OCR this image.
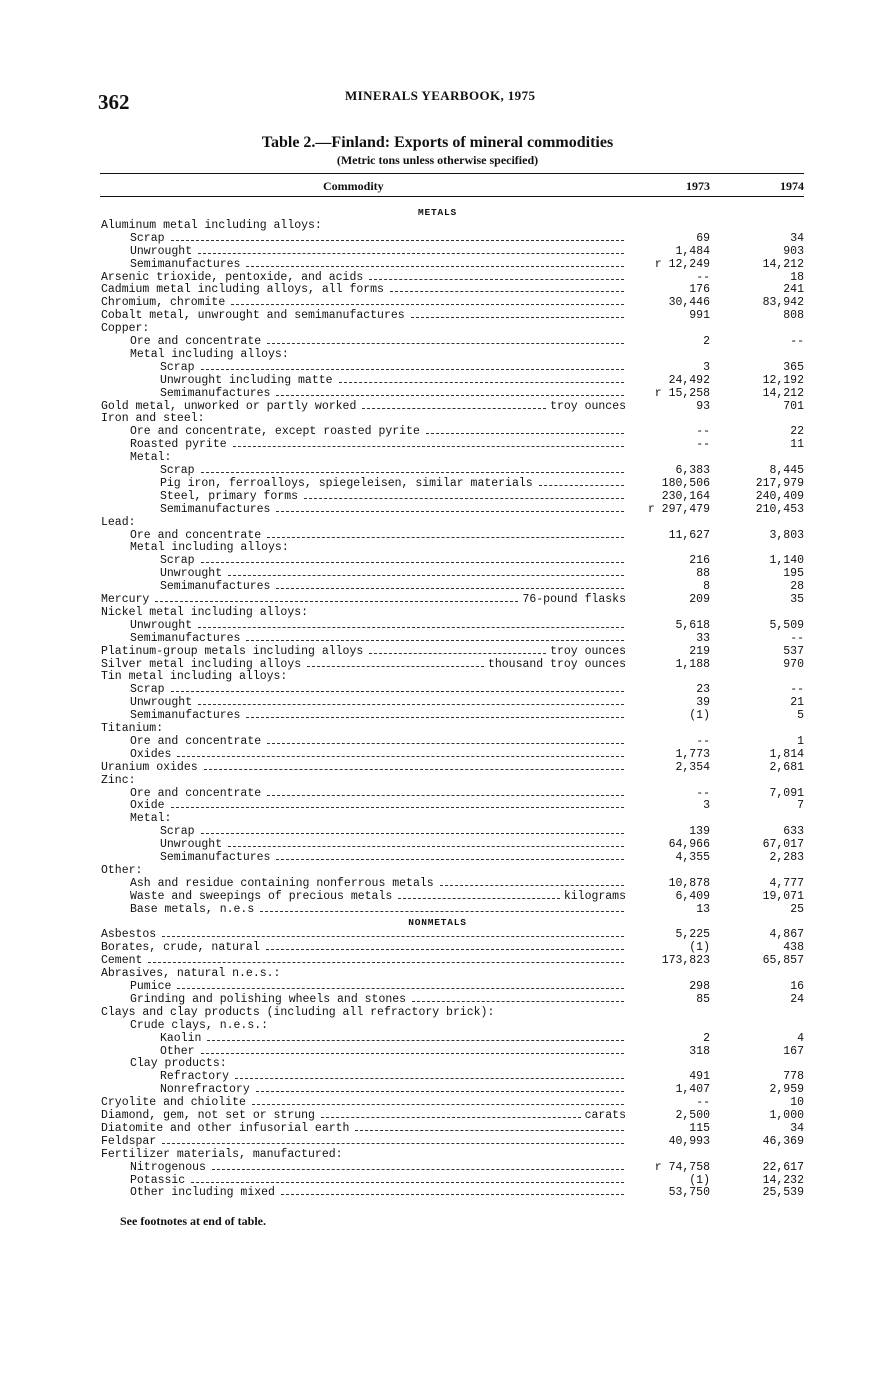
362	MINERALS YEARBOOK, 1975
Table 2.—Finland: Exports of mineral commodities
(Metric tons unless otherwise specified)
Commodity	1973	1974
METALS
Aluminum metal including alloys:
Scrap	69	34
Unwrought	1,484	903
Semimanufactures	r 12,249	14,212
Arsenic trioxide, pentoxide, and acids	--	18
Cadmium metal including alloys, all forms	176	241
Chromium, chromite	30,446	83,942
Cobalt metal, unwrought and semimanufactures	991	808
Copper:
Ore and concentrate	2	--
Metal including alloys:
Scrap	3	365
Unwrought including matte	24,492	12,192
Semimanufactures	r 15,258	14,212
Gold metal, unworked or partly worked	troy ounces	93	701
Iron and steel:
Ore and concentrate, except roasted pyrite	--	22
Roasted pyrite	--	11
Metal:
Scrap	6,383	8,445
Pig iron, ferroalloys, spiegeleisen, similar materials	180,506	217,979
Steel, primary forms	230,164	240,409
Semimanufactures	r 297,479	210,453
Lead:
Ore and concentrate	11,627	3,803
Metal including alloys:
Scrap	216	1,140
Unwrought	88	195
Semimanufactures	8	28
Mercury	76-pound flasks	209	35
Nickel metal including alloys:
Unwrought	5,618	5,509
Semimanufactures	33	--
Platinum-group metals including alloys	troy ounces	219	537
Silver metal including alloys	thousand troy ounces	1,188	970
Tin metal including alloys:
Scrap	23	--
Unwrought	39	21
Semimanufactures	(1)	5
Titanium:
Ore and concentrate	--	1
Oxides	1,773	1,814
Uranium oxides	2,354	2,681
Zinc:
Ore and concentrate	--	7,091
Oxide	3	7
Metal:
Scrap	139	633
Unwrought	64,966	67,017
Semimanufactures	4,355	2,283
Other:
Ash and residue containing nonferrous metals	10,878	4,777
Waste and sweepings of precious metals	kilograms	6,409	19,071
Base metals, n.e.s	13	25
NONMETALS
Asbestos	5,225	4,867
Borates, crude, natural	(1)	438
Cement	173,823	65,857
Abrasives, natural n.e.s.:
Pumice	298	16
Grinding and polishing wheels and stones	85	24
Clays and clay products (including all refractory brick):
Crude clays, n.e.s.:
Kaolin	2	4
Other	318	167
Clay products:
Refractory	491	778
Nonrefractory	1,407	2,959
Cryolite and chiolite	--	10
Diamond, gem, not set or strung	carats	2,500	1,000
Diatomite and other infusorial earth	115	34
Feldspar	40,993	46,369
Fertilizer materials, manufactured:
Nitrogenous	r 74,758	22,617
Potassic	(1)	14,232
Other including mixed	53,750	25,539
See footnotes at end of table.
